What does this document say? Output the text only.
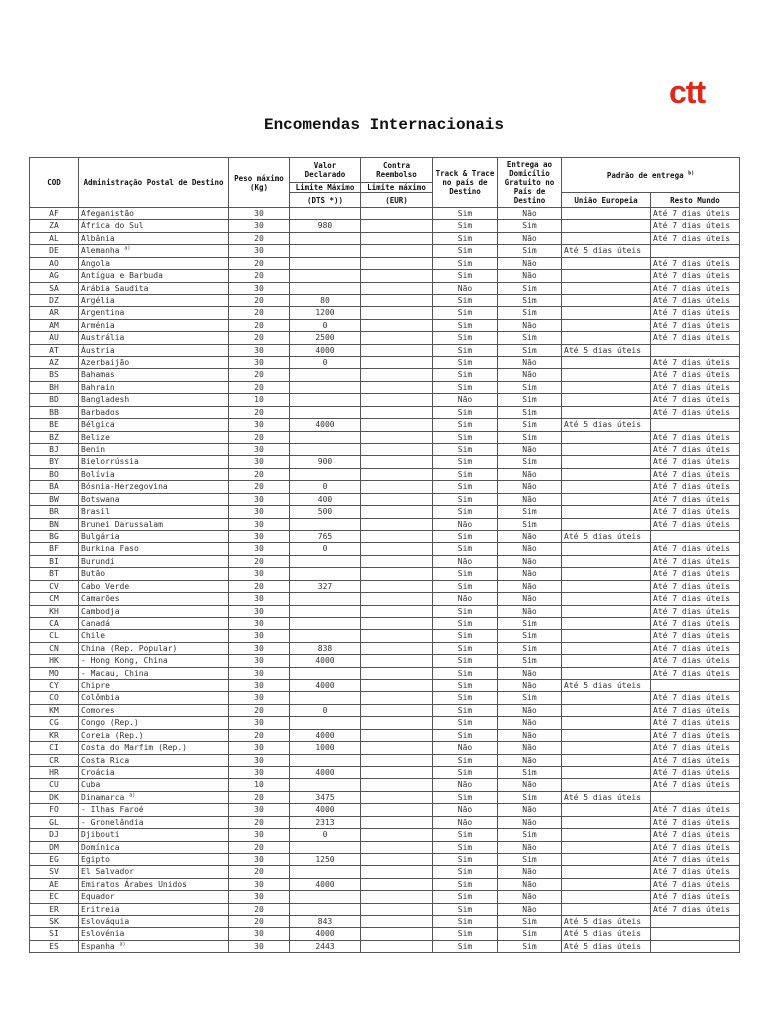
ctt
Encomendas Internacionais
COD	Administração Postal de Destino	Peso máximo (Kg)	Valor Declarado	Contra Reembolso	Track & Trace no país de Destino	Entrega ao Domicílio Gratuito no País de Destino	Padrão de entrega $^{b)}$
			Limite Máximo	Limite máximo				
			(DTS *))	(EUR)			União Europeia	Resto Mundo
AF	Afeganistão	30			Sim	Não		Até 7 dias úteis
ZA	África do Sul	30	980		Sim	Sim		Até 7 dias úteis
AL	Albânia	20			Sim	Não		Até 7 dias úteis
DE	Alemanha $^{a)}$	30			Sim	Sim	Até 5 dias úteis	
AO	Angola	20			Sim	Não		Até 7 dias úteis
AG	Antígua e Barbuda	20			Sim	Não		Até 7 dias úteis
SA	Arábia Saudita	30			Não	Sim		Até 7 dias úteis
DZ	Argélia	20	80		Sim	Sim		Até 7 dias úteis
AR	Argentina	20	1200		Sim	Sim		Até 7 dias úteis
AM	Arménia	20	0		Sim	Não		Até 7 dias úteis
AU	Austrália	20	2500		Sim	Sim		Até 7 dias úteis
AT	Áustria	30	4000		Sim	Sim	Até 5 dias úteis	
AZ	Azerbaijão	30	0		Sim	Não		Até 7 dias úteis
BS	Bahamas	20			Sim	Não		Até 7 dias úteis
BH	Bahrain	20			Sim	Sim		Até 7 dias úteis
BD	Bangladesh	10			Não	Sim		Até 7 dias úteis
BB	Barbados	20			Sim	Sim		Até 7 dias úteis
BE	Bélgica	30	4000		Sim	Sim	Até 5 dias úteis	
BZ	Belize	20			Sim	Sim		Até 7 dias úteis
BJ	Benin	30			Sim	Não		Até 7 dias úteis
BY	Bielorrússia	30	900		Sim	Sim		Até 7 dias úteis
BO	Bolívia	20			Sim	Não		Até 7 dias úteis
BA	Bósnia-Herzegovina	20	0		Sim	Não		Até 7 dias úteis
BW	Botswana	30	400		Sim	Não		Até 7 dias úteis
BR	Brasil	30	500		Sim	Sim		Até 7 dias úteis
BN	Brunei Darussalam	30			Não	Sim		Até 7 dias úteis
BG	Bulgária	30	765		Sim	Não	Até 5 dias úteis	
BF	Burkina Faso	30	0		Sim	Não		Até 7 dias úteis
BI	Burundi	20			Não	Não		Até 7 dias úteis
BT	Butão	30			Sim	Não		Até 7 dias úteis
CV	Cabo Verde	20	327		Sim	Não		Até 7 dias úteis
CM	Camarões	30			Não	Não		Até 7 dias úteis
KH	Cambodja	30			Sim	Não		Até 7 dias úteis
CA	Canadá	30			Sim	Sim		Até 7 dias úteis
CL	Chile	30			Sim	Sim		Até 7 dias úteis
CN	China (Rep. Popular)	30	838		Sim	Sim		Até 7 dias úteis
HK	- Hong Kong, China	30	4000		Sim	Sim		Até 7 dias úteis
MO	- Macau, China	30			Sim	Não		Até 7 dias úteis
CY	Chipre	30	4000		Sim	Não	Até 5 dias úteis	
CO	Colômbia	30			Sim	Sim		Até 7 dias úteis
KM	Comores	20	0		Sim	Não		Até 7 dias úteis
CG	Congo (Rep.)	30			Sim	Não		Até 7 dias úteis
KR	Coreia (Rep.)	20	4000		Sim	Não		Até 7 dias úteis
CI	Costa do Marfim (Rep.)	30	1000		Não	Não		Até 7 dias úteis
CR	Costa Rica	30			Sim	Não		Até 7 dias úteis
HR	Croácia	30	4000		Sim	Sim		Até 7 dias úteis
CU	Cuba	10			Não	Não		Até 7 dias úteis
DK	Dinamarca $^{a)}$	20	3475		Sim	Sim	Até 5 dias úteis	
FO	- Ilhas Faroé	30	4000		Não	Não		Até 7 dias úteis
GL	- Gronelândia	20	2313		Não	Não		Até 7 dias úteis
DJ	Djibouti	30	0		Sim	Sim		Até 7 dias úteis
DM	Domínica	20			Sim	Não		Até 7 dias úteis
EG	Egipto	30	1250		Sim	Sim		Até 7 dias úteis
SV	El Salvador	20			Sim	Não		Até 7 dias úteis
AE	Emiratos Árabes Unidos	30	4000		Sim	Não		Até 7 dias úteis
EC	Equador	30			Sim	Não		Até 7 dias úteis
ER	Eritreia	20			Sim	Não		Até 7 dias úteis
SK	Eslováquia	20	843		Sim	Sim	Até 5 dias úteis	
SI	Eslovénia	30	4000		Sim	Sim	Até 5 dias úteis	
ES	Espanha $^{a)}$	30	2443		Sim	Sim	Até 5 dias úteis	
